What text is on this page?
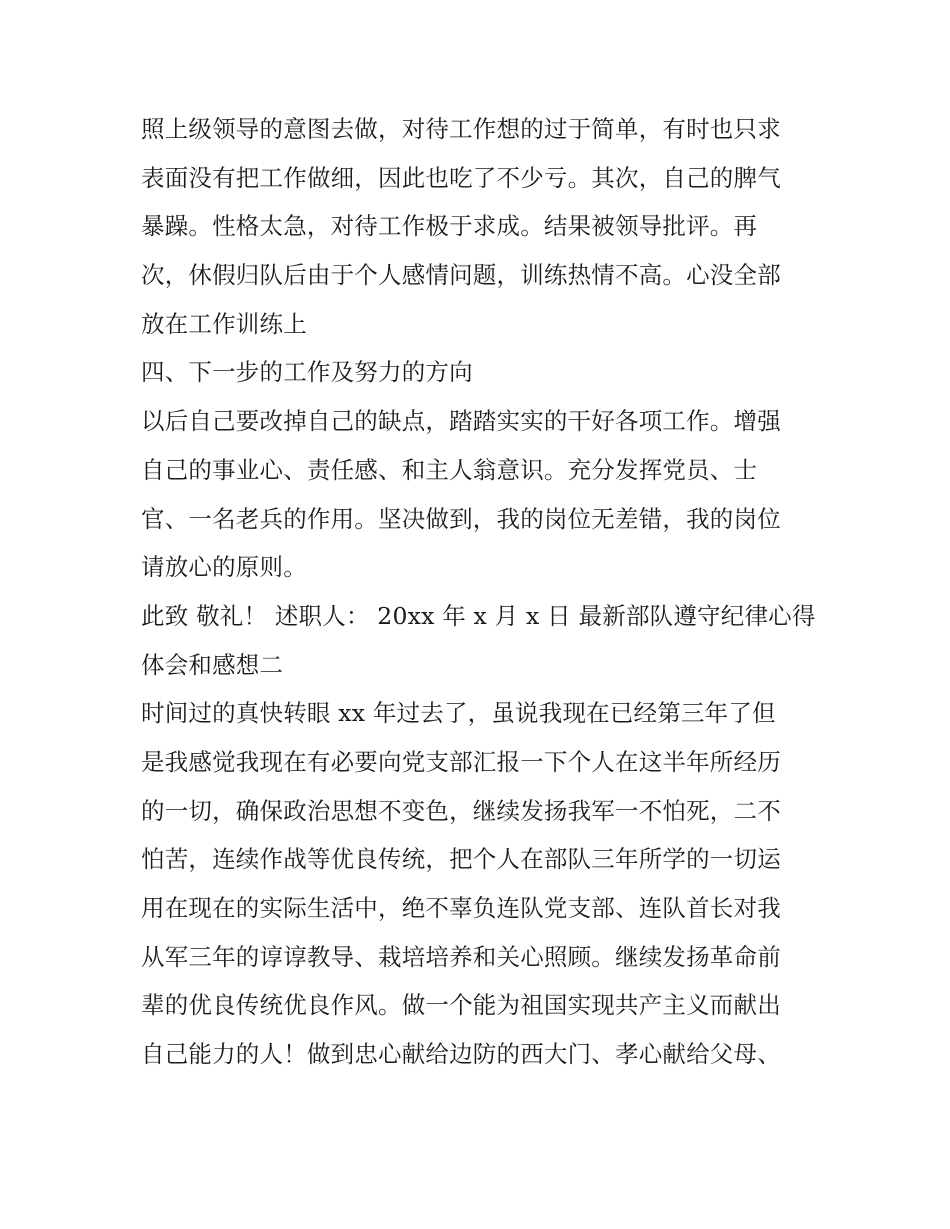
照上级领导的意图去做，对待工作想的过于简单，有时也只求
表面没有把工作做细，因此也吃了不少亏。其次，自己的脾气
暴躁。性格太急，对待工作极于求成。结果被领导批评。再
次，休假归队后由于个人感情问题，训练热情不高。心没全部
放在工作训练上
四、下一步的工作及努力的方向
以后自己要改掉自己的缺点，踏踏实实的干好各项工作。增强
自己的事业心、责任感、和主人翁意识。充分发挥党员、士
官、一名老兵的作用。坚决做到，我的岗位无差错，我的岗位
请放心的原则。
此致 敬礼！ 述职人： 20xx 年 x 月 x 日 最新部队遵守纪律心得
体会和感想二
时间过的真快转眼 xx 年过去了，虽说我现在已经第三年了但
是我感觉我现在有必要向党支部汇报一下个人在这半年所经历
的一切，确保政治思想不变色，继续发扬我军一不怕死，二不
怕苦，连续作战等优良传统，把个人在部队三年所学的一切运
用在现在的实际生活中，绝不辜负连队党支部、连队首长对我
从军三年的谆谆教导、栽培培养和关心照顾。继续发扬革命前
辈的优良传统优良作风。做一个能为祖国实现共产主义而献出
自己能力的人！做到忠心献给边防的西大门、孝心献给父母、
